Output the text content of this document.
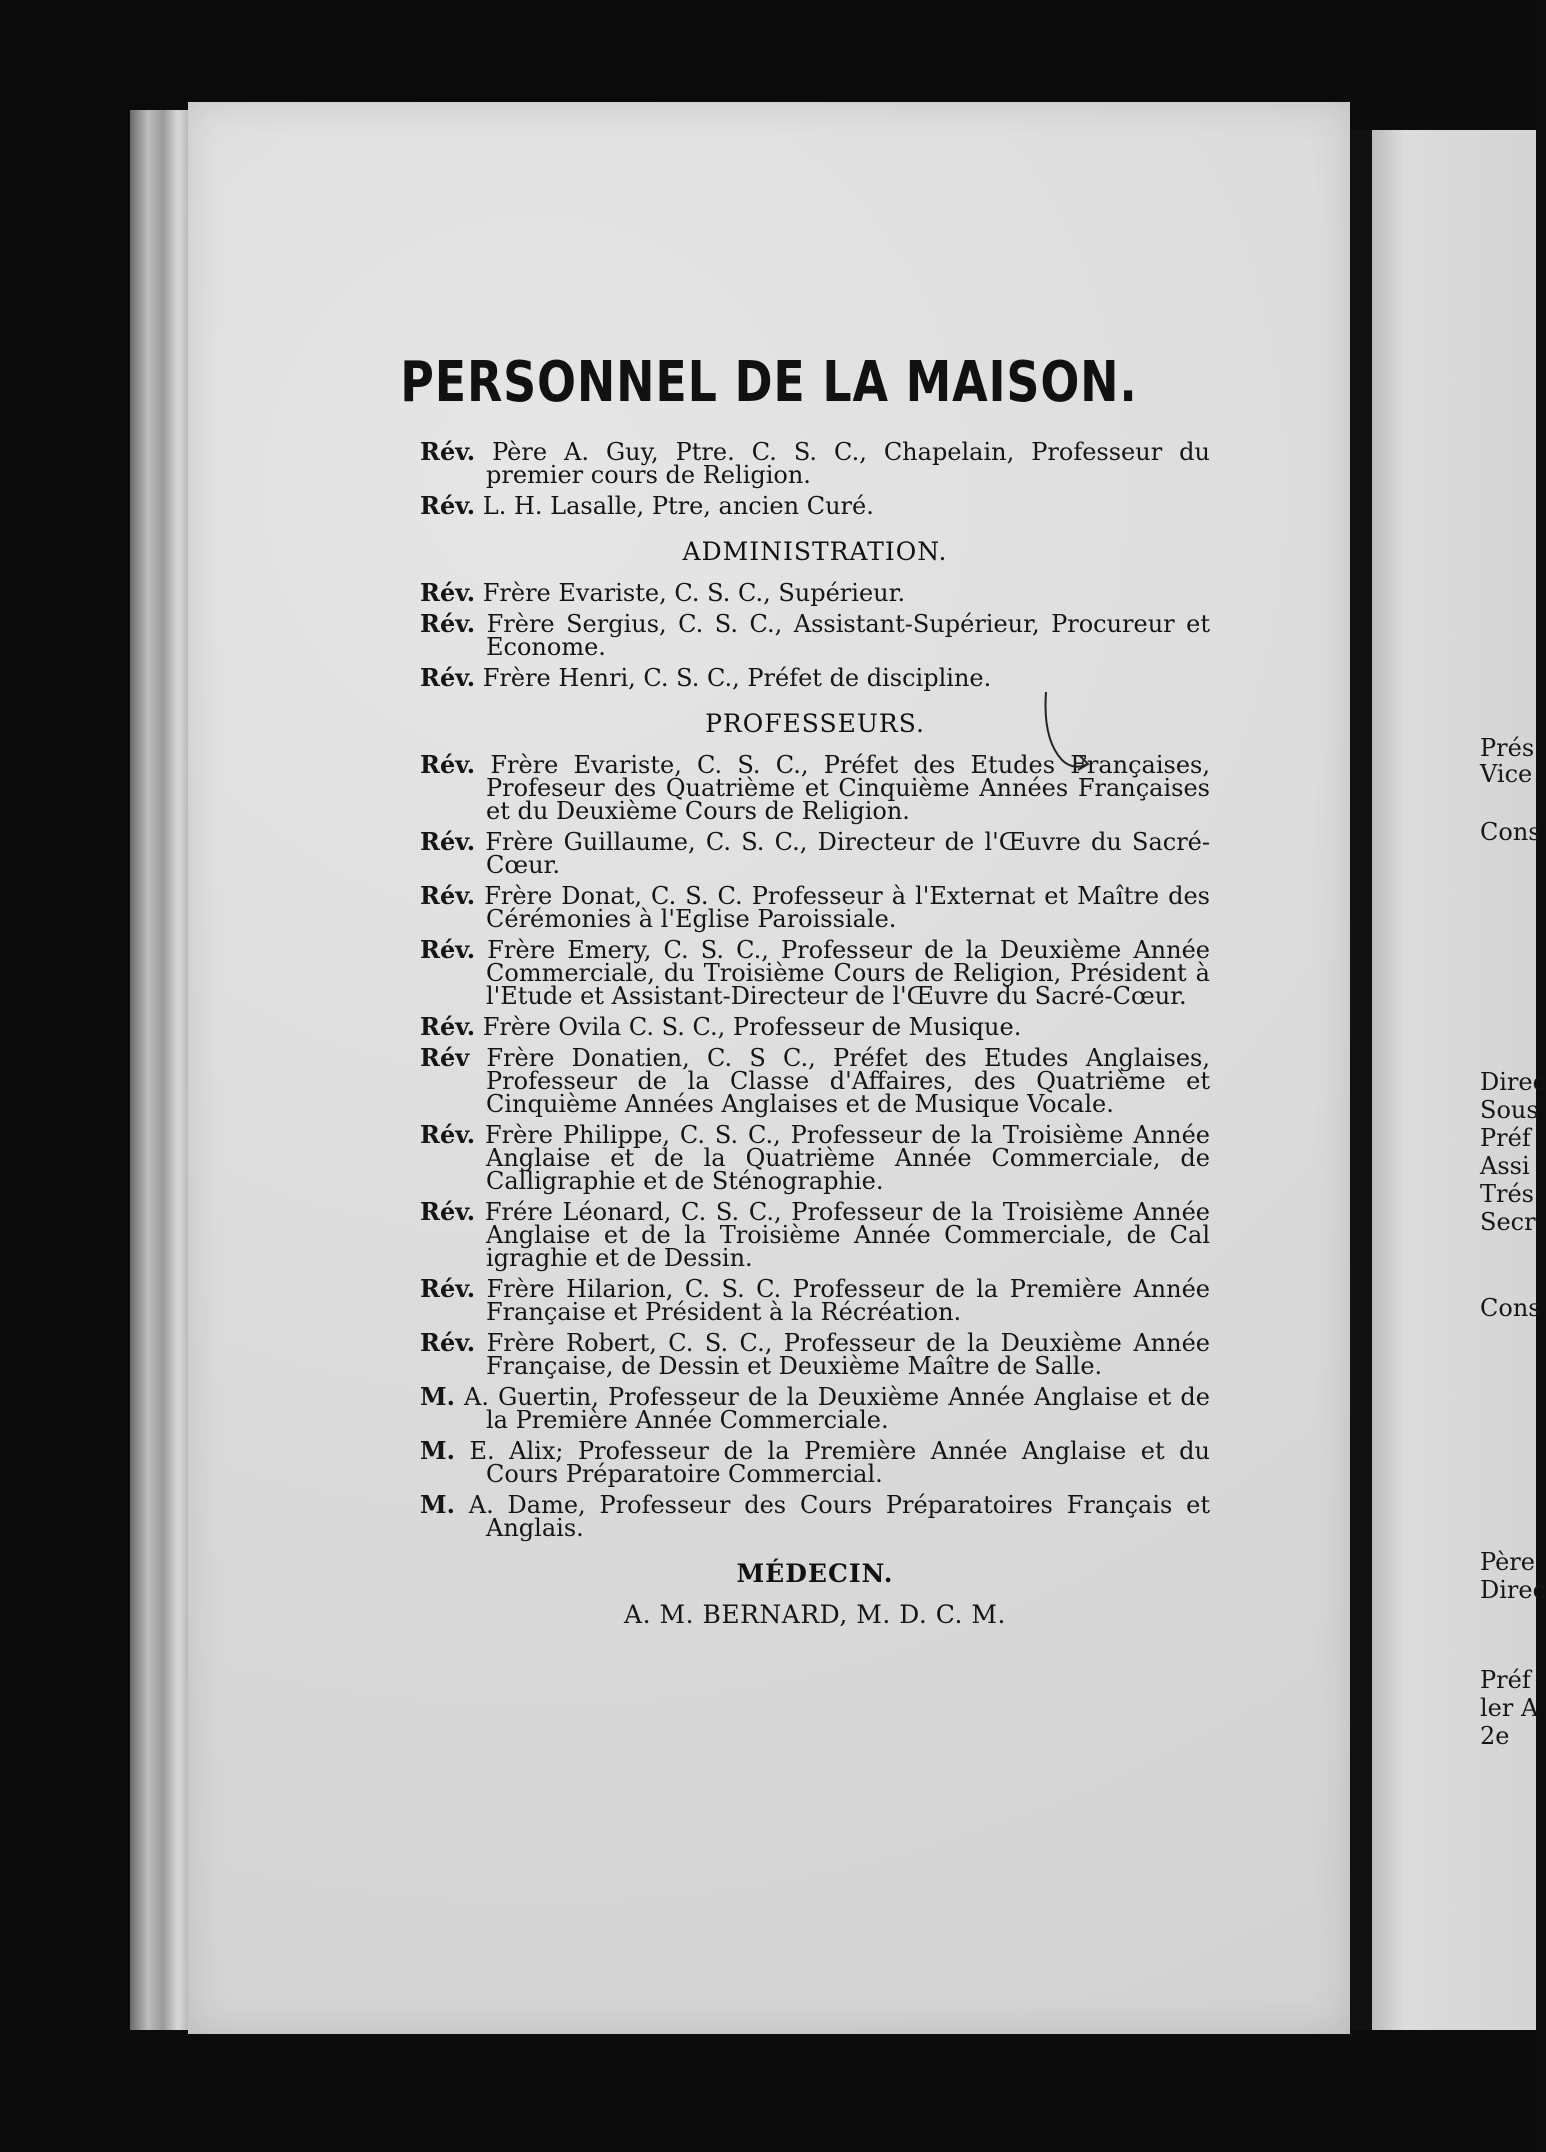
PERSONNEL DE LA MAISON.
Rév. Père A. Guy, Ptre. C. S. C., Chapelain, Professeur du premier cours de Religion.
Rév. L. H. Lasalle, Ptre, ancien Curé.
ADMINISTRATION.
Rév. Frère Evariste, C. S. C., Supérieur.
Rév. Frère Sergius, C. S. C., Assistant-Supérieur, Procureur et Econome.
Rév. Frère Henri, C. S. C., Préfet de discipline.
PROFESSEURS.
Rév. Frère Evariste, C. S. C., Préfet des Etudes Françaises, Profeseur des Quatrième et Cinquième Années Françaises et du Deuxième Cours de Religion.
Rév. Frère Guillaume, C. S. C., Directeur de l'Œuvre du Sacré-Cœur.
Rév. Frère Donat, C. S. C. Professeur à l'Externat et Maître des Cérémonies à l'Eglise Paroissiale.
Rév. Frère Emery, C. S. C., Professeur de la Deuxième Année Commerciale, du Troisième Cours de Religion, Président à l'Etude et Assistant-Directeur de l'Œuvre du Sacré-Cœur.
Rév. Frère Ovila C. S. C., Professeur de Musique.
Rév Frère Donatien, C. S C., Préfet des Etudes Anglaises, Professeur de la Classe d'Affaires, des Quatrième et Cinquième Années Anglaises et de Musique Vocale.
Rév. Frère Philippe, C. S. C., Professeur de la Troisième Année Anglaise et de la Quatrième Année Commerciale, de Calligraphie et de Sténographie.
Rév. Frére Léonard, C. S. C., Professeur de la Troisième Année Anglaise et de la Troisième Année Commerciale, de Cal igraghie et de Dessin.
Rév. Frère Hilarion, C. S. C. Professeur de la Première Année Française et Président à la Récréation.
Rév. Frère Robert, C. S. C., Professeur de la Deuxième Année Française, de Dessin et Deuxième Maître de Salle.
M. A. Guertin, Professeur de la Deuxième Année Anglaise et de la Première Année Commerciale.
M. E. Alix; Professeur de la Première Année Anglaise et du Cours Préparatoire Commercial.
M. A. Dame, Professeur des Cours Préparatoires Français et Anglais.
MÉDECIN.
A. M. BERNARD, M. D. C. M.
Prés
Vice
Cons
Direc
Sous
Préf
Assi
Trés
Secr
Cons
Père
Direc
Préf
ler A
2e
